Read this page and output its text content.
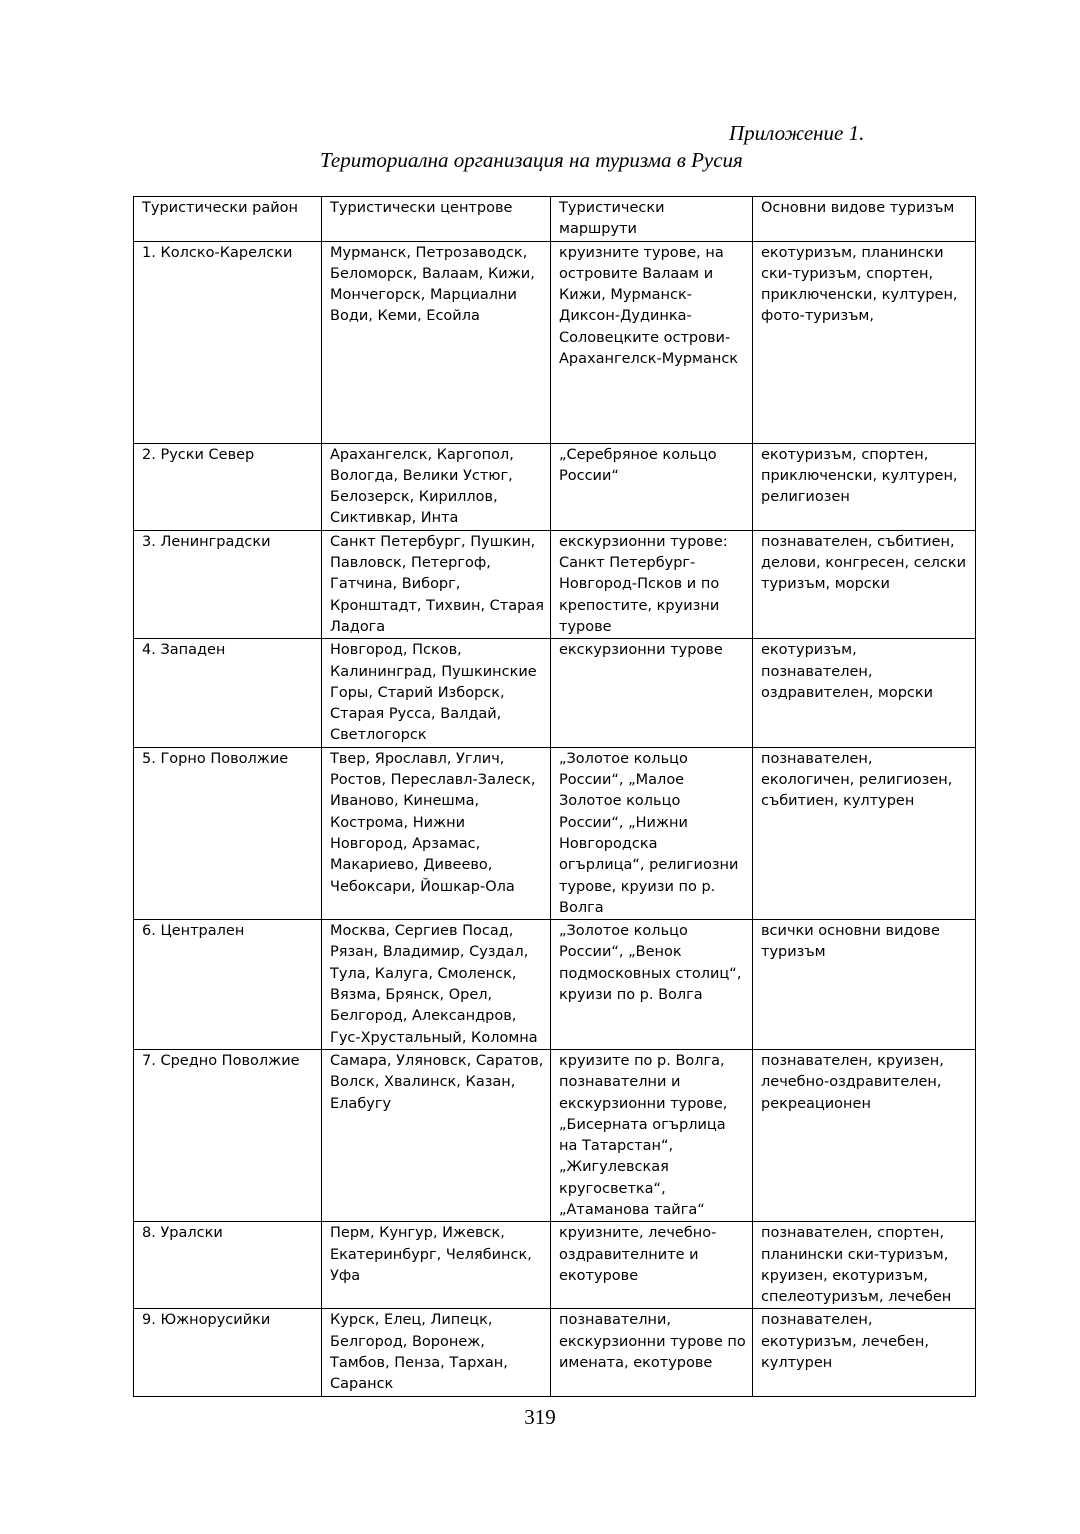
Приложение 1.
Териториална организация на туризма в Русия
Туристически район	Туристически центрове	Туристически маршрути	Основни видове туризъм
1. Колско-Карелски	Мурманск, Петрозаводск, Беломорск, Валаам, Кижи, Мончегорск, Марциални Води, Кеми, Есойла	круизните турове, на островите Валаам и Кижи, Мурманск-Диксон-Дудинка-Соловецките острови-Арахангелск-Мурманск	екотуризъм, планински ски-туризъм, спортен, приключенски, културен, фото-туризъм,
2. Руски Север	Арахангелск, Каргопол, Вологда, Велики Устюг, Белозерск, Кириллов, Сиктивкар, Инта	„Серебряное кольцо России“	екотуризъм, спортен, приключенски, културен, религиозен
3. Ленинградски	Санкт Петербург, Пушкин, Павловск, Петергоф, Гатчина, Виборг, Кронштадт, Тихвин, Старая Ладога	екскурзионни турове: Санкт Петербург-Новгород-Псков и по крепостите, круизни турове	познавателен, събитиен, делови, конгресен, селски туризъм, морски
4. Западен	Новгород, Псков, Калининград, Пушкинские Горы, Старий Изборск, Старая Русса, Валдай, Светлогорск	екскурзионни турове	екотуризъм, познавателен, оздравителен, морски
5. Горно Поволжие	Твер, Ярославл, Углич, Ростов, Переславл-Залеск, Иваново, Кинешма, Кострома, Нижни Новгород, Арзамас, Макариево, Дивеево, Чебоксари, Йошкар-Ола	„Золотое кольцо России“, „Малое Золотое кольцо России“, „Нижни Новгородска огърлица“, религиозни турове, круизи по р. Волга	познавателен, екологичен, религиозен, събитиен, културен
6. Централен	Москва, Сергиев Посад, Рязан, Владимир, Суздал, Тула, Калуга, Смоленск, Вязма, Брянск, Орел, Белгород, Александров, Гус-Хрустальный, Коломна	„Золотое кольцо России“, „Венок подмосковных столиц“, круизи по р. Волга	всички основни видове туризъм
7. Средно Поволжие	Самара, Уляновск, Саратов, Волск, Хвалинск, Казан, Елабугу	круизите по р. Волга, познавателни и екскурзионни турове, „Бисерната огърлица на Татарстан“, „Жигулевская кругосветка“, „Атаманова тайга“	познавателен, круизен, лечебно-оздравителен, рекреационен
8. Уралски	Перм, Кунгур, Ижевск, Екатеринбург, Челябинск, Уфа	круизните, лечебно-оздравителните и екотурове	познавателен, спортен, планински ски-туризъм, круизен, екотуризъм, спелеотуризъм, лечебен
9. Южнорусийки	Курск, Елец, Липецк, Белгород, Воронеж, Тамбов, Пенза, Тархан, Саранск	познавателни, екскурзионни турове по имената, екотурове	познавателен, екотуризъм, лечебен, културен
319
